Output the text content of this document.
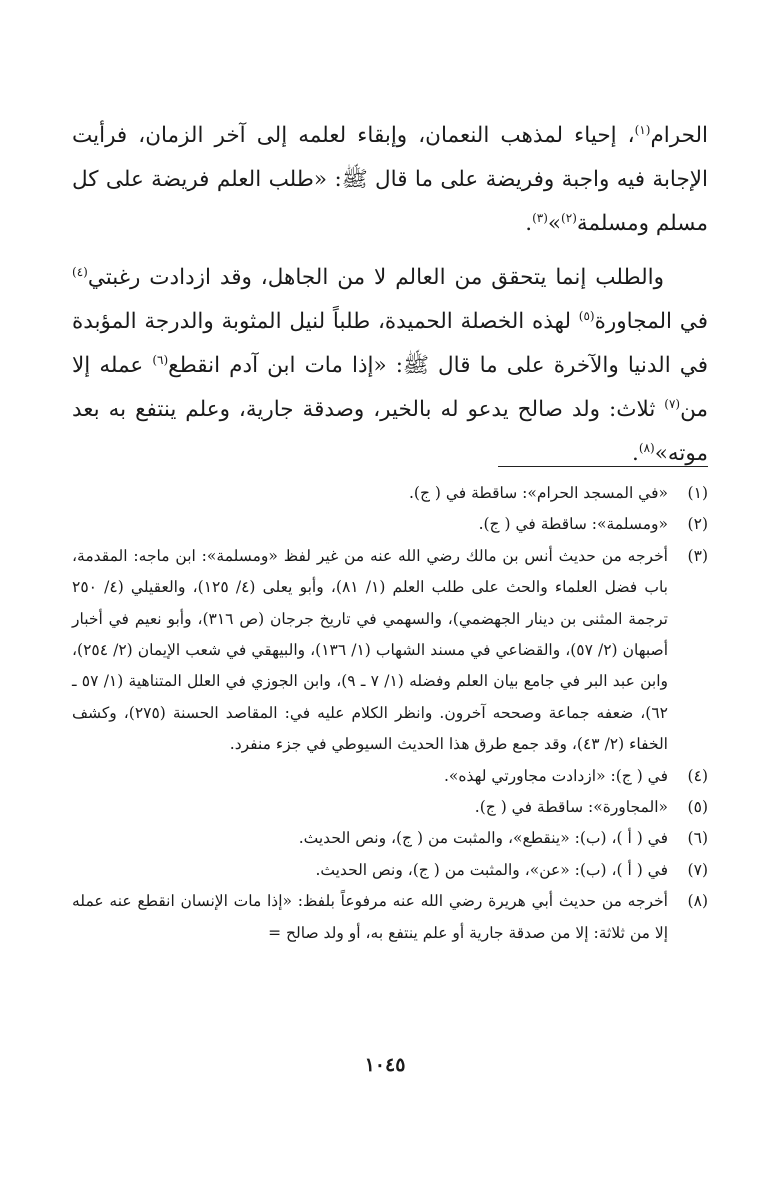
الحرام$^{(١)}$، إحياء لمذهب النعمان، وإبقاء لعلمه إلى آخر الزمان، فرأيت الإجابة فيه واجبة وفريضة على ما قال ﷺ: «طلب العلم فريضة على كل مسلم ومسلمة$^{(٢)}$»$^{(٣)}$.

والطلب إنما يتحقق من العالم لا من الجاهل، وقد ازدادت رغبتي$^{(٤)}$ في المجاورة$^{(٥)}$ لهذه الخصلة الحميدة، طلباً لنيل المثوبة والدرجة المؤبدة في الدنيا والآخرة على ما قال ﷺ: «إذا مات ابن آدم انقطع$^{(٦)}$ عمله إلا من$^{(٧)}$ ثلاث: ولد صالح يدعو له بالخير، وصدقة جارية، وعلم ينتفع به بعد موته»$^{(٨)}$.

(١)
«في المسجد الحرام»: ساقطة في ( ج).
(٢)
«ومسلمة»: ساقطة في ( ج).
(٣)
أخرجه من حديث أنس بن مالك رضي الله عنه من غير لفظ «ومسلمة»: ابن ماجه: المقدمة، باب فضل العلماء والحث على طلب العلم (١/ ٨١)، وأبو يعلى (٤/ ١٢٥)، والعقيلي (٤/ ٢٥٠ ترجمة المثنى بن دينار الجهضمي)، والسهمي في تاريخ جرجان (ص ٣١٦)، وأبو نعيم في أخبار أصبهان (٢/ ٥٧)، والقضاعي في مسند الشهاب (١/ ١٣٦)، والبيهقي في شعب الإيمان (٢/ ٢٥٤)، وابن عبد البر في جامع بيان العلم وفضله (١/ ٧ ـ ٩)، وابن الجوزي في العلل المتناهية (١/ ٥٧ ـ ٦٢)، ضعفه جماعة وصححه آخرون. وانظر الكلام عليه في: المقاصد الحسنة (٢٧٥)، وكشف الخفاء (٢/ ٤٣)، وقد جمع طرق هذا الحديث السيوطي في جزء منفرد.
(٤)
في ( ج): «ازدادت مجاورتي لهذه».
(٥)
«المجاورة»: ساقطة في ( ج).
(٦)
في ( أ )، (ب): «ينقطع»، والمثبت من ( ج)، ونص الحديث.
(٧)
في ( أ )، (ب): «عن»، والمثبت من ( ج)، ونص الحديث.
(٨)
أخرجه من حديث أبي هريرة رضي الله عنه مرفوعاً بلفظ: «إذا مات الإنسان انقطع عنه عمله إلا من ثلاثة: إلا من صدقة جارية أو علم ينتفع به، أو ولد صالح =
١٠٤٥
